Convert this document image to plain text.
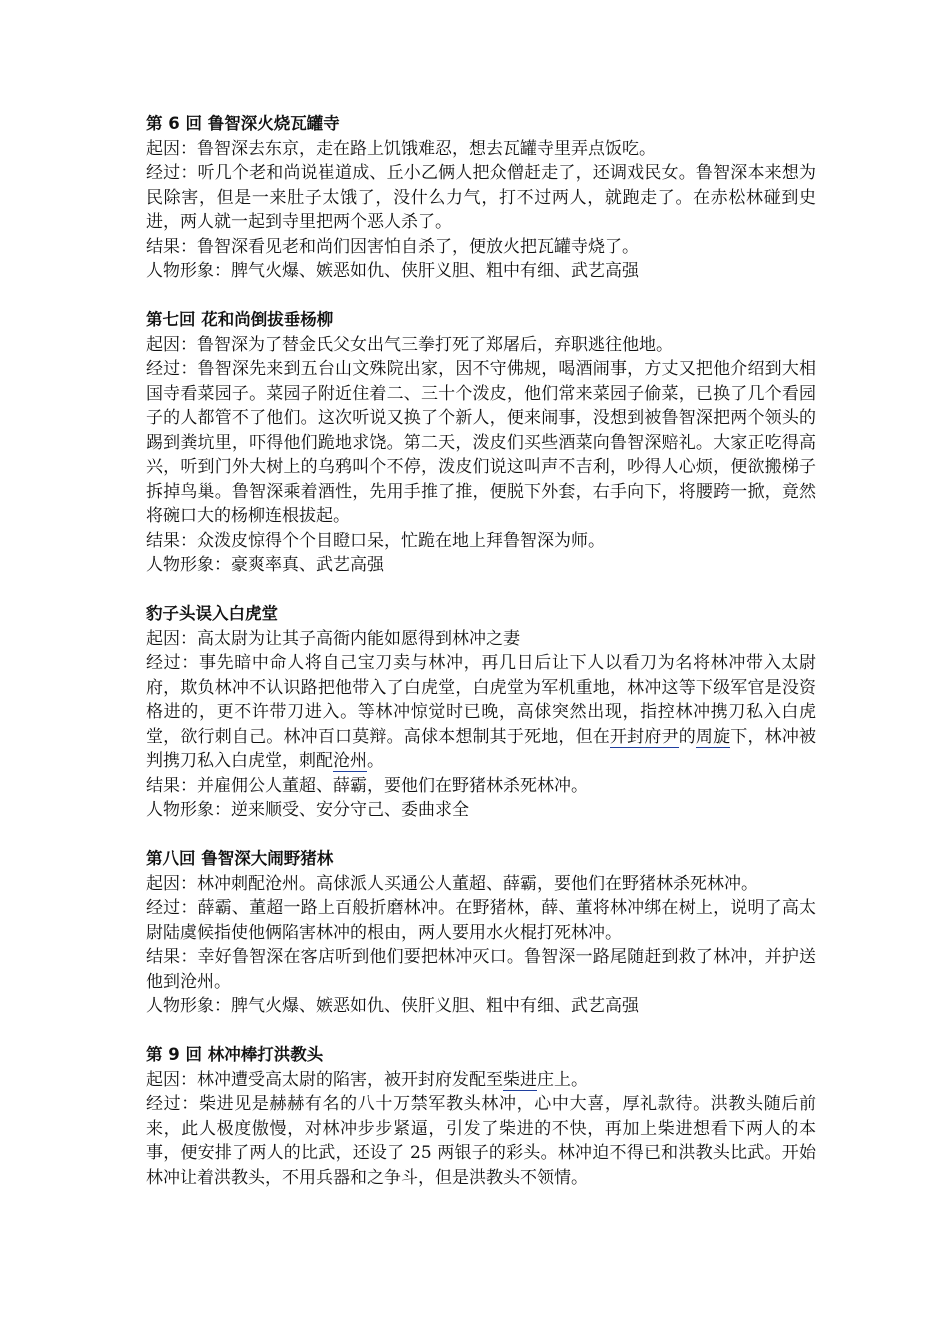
第 6 回 鲁智深火烧瓦罐寺

起因：鲁智深去东京，走在路上饥饿难忍，想去瓦罐寺里弄点饭吃。

经过：听几个老和尚说崔道成、丘小乙俩人把众僧赶走了，还调戏民女。鲁智深本来想为民除害，但是一来肚子太饿了，没什么力气，打不过两人，就跑走了。在赤松林碰到史进，两人就一起到寺里把两个恶人杀了。

结果：鲁智深看见老和尚们因害怕自杀了，便放火把瓦罐寺烧了。

人物形象：脾气火爆、嫉恶如仇、侠肝义胆、粗中有细、武艺高强

第七回 花和尚倒拔垂杨柳

起因：鲁智深为了替金氏父女出气三拳打死了郑屠后，弃职逃往他地。

经过：鲁智深先来到五台山文殊院出家，因不守佛规，喝酒闹事，方丈又把他介绍到大相国寺看菜园子。菜园子附近住着二、三十个泼皮，他们常来菜园子偷菜，已换了几个看园子的人都管不了他们。这次听说又换了个新人，便来闹事，没想到被鲁智深把两个领头的踢到粪坑里，吓得他们跪地求饶。第二天，泼皮们买些酒菜向鲁智深赔礼。大家正吃得高兴，听到门外大树上的乌鸦叫个不停，泼皮们说这叫声不吉利，吵得人心烦，便欲搬梯子拆掉鸟巢。鲁智深乘着酒性，先用手推了推，便脱下外套，右手向下，将腰跨一掀，竟然将碗口大的杨柳连根拔起。

结果：众泼皮惊得个个目瞪口呆，忙跪在地上拜鲁智深为师。

人物形象：豪爽率真、武艺高强

豹子头误入白虎堂

起因：高太尉为让其子高衙内能如愿得到林冲之妻

经过：事先暗中命人将自己宝刀卖与林冲，再几日后让下人以看刀为名将林冲带入太尉府，欺负林冲不认识路把他带入了白虎堂，白虎堂为军机重地，林冲这等下级军官是没资格进的，更不许带刀进入。等林冲惊觉时已晚，高俅突然出现，指控林冲携刀私入白虎堂，欲行刺自己。林冲百口莫辩。高俅本想制其于死地，但在开封府尹的周旋下，林冲被判携刀私入白虎堂，刺配沧州。

结果：并雇佣公人董超、薛霸，要他们在野猪林杀死林冲。

人物形象：逆来顺受、安分守己、委曲求全

第八回 鲁智深大闹野猪林

起因：林冲刺配沧州。高俅派人买通公人董超、薛霸，要他们在野猪林杀死林冲。

经过：薛霸、董超一路上百般折磨林冲。在野猪林，薛、董将林冲绑在树上，说明了高太尉陆虞候指使他俩陷害林冲的根由，两人要用水火棍打死林冲。

结果：幸好鲁智深在客店听到他们要把林冲灭口。鲁智深一路尾随赶到救了林冲，并护送他到沧州。

人物形象：脾气火爆、嫉恶如仇、侠肝义胆、粗中有细、武艺高强

第 9 回 林冲棒打洪教头

起因：林冲遭受高太尉的陷害，被开封府发配至柴进庄上。

经过：柴进见是赫赫有名的八十万禁军教头林冲，心中大喜，厚礼款待。洪教头随后前来，此人极度傲慢，对林冲步步紧逼，引发了柴进的不快，再加上柴进想看下两人的本事，便安排了两人的比武，还设了 25 两银子的彩头。林冲迫不得已和洪教头比武。开始林冲让着洪教头，不用兵器和之争斗，但是洪教头不领情。
